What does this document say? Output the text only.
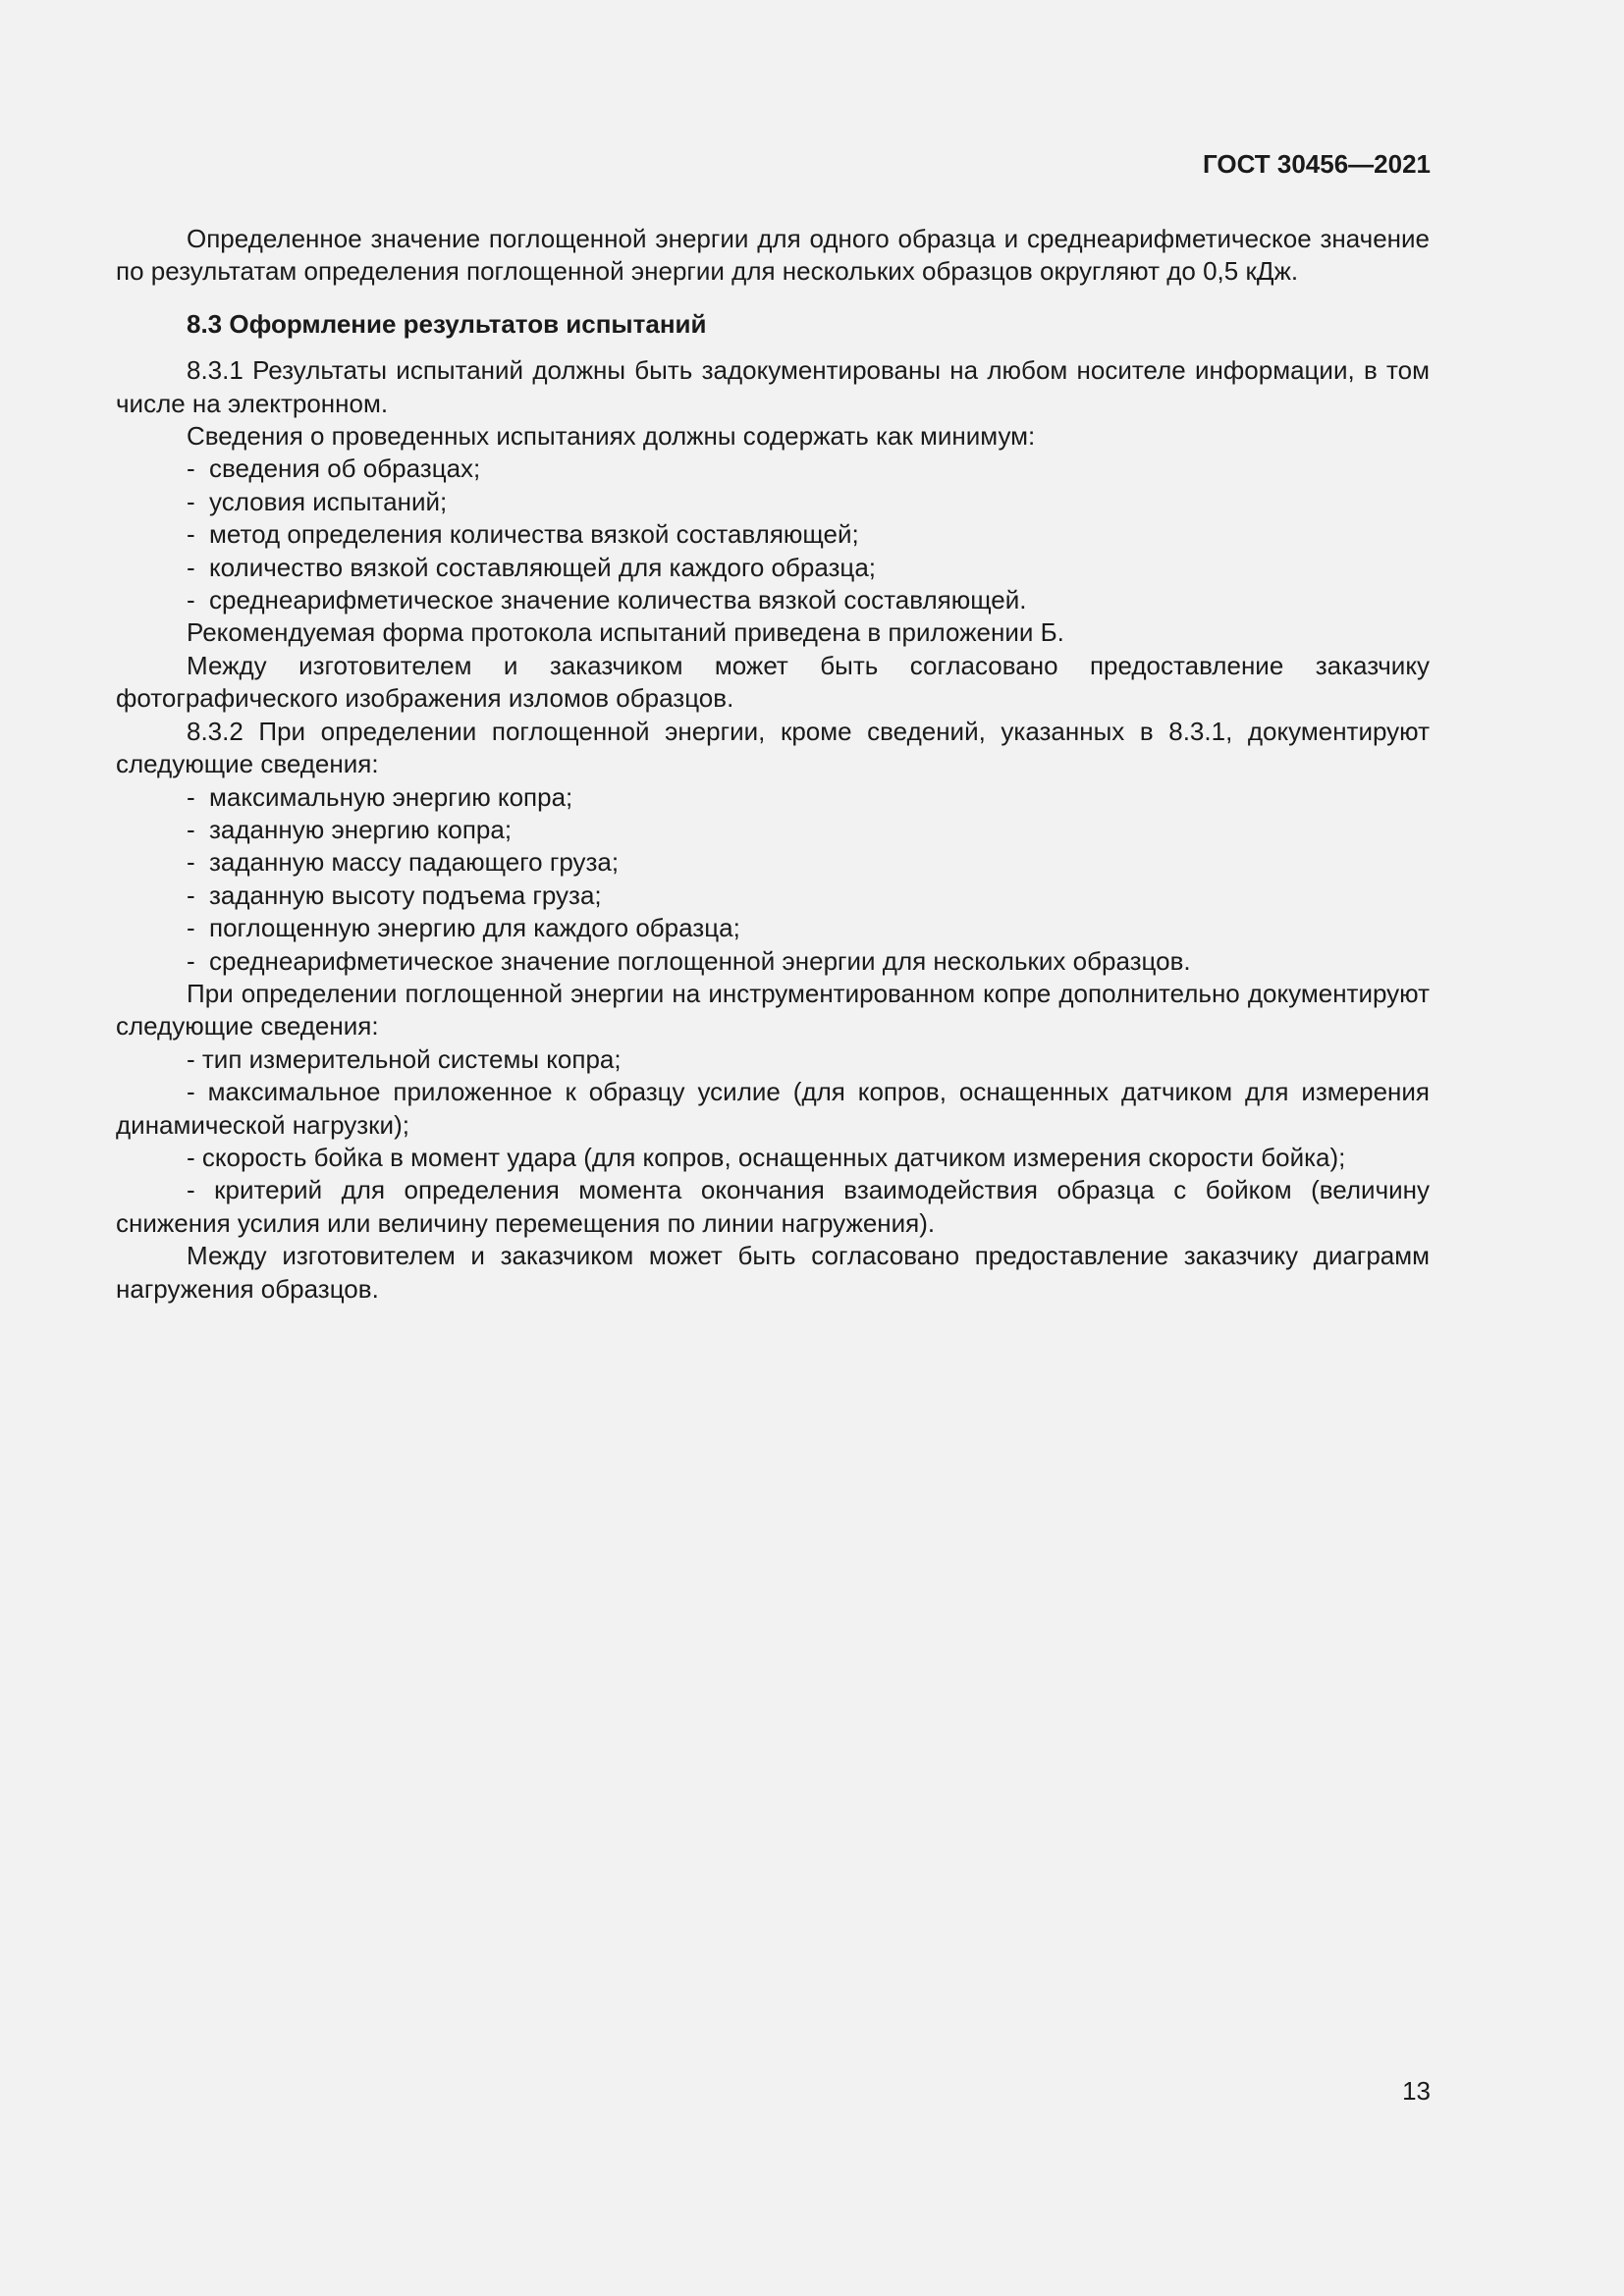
ГОСТ 30456—2021

Определенное значение поглощенной энергии для одного образца и среднеарифметическое значение по результатам определения поглощенной энергии для нескольких образцов округляют до 0,5 кДж.

8.3 Оформление результатов испытаний

8.3.1 Результаты испытаний должны быть задокументированы на любом носителе информации, в том числе на электронном.

Сведения о проведенных испытаниях должны содержать как минимум:

- сведения об образцах;

- условия испытаний;

- метод определения количества вязкой составляющей;

- количество вязкой составляющей для каждого образца;

- среднеарифметическое значение количества вязкой составляющей.

Рекомендуемая форма протокола испытаний приведена в приложении Б.

Между изготовителем и заказчиком может быть согласовано предоставление заказчику фотографического изображения изломов образцов.

8.3.2 При определении поглощенной энергии, кроме сведений, указанных в 8.3.1, документируют следующие сведения:

- максимальную энергию копра;

- заданную энергию копра;

- заданную массу падающего груза;

- заданную высоту подъема груза;

- поглощенную энергию для каждого образца;

- среднеарифметическое значение поглощенной энергии для нескольких образцов.

При определении поглощенной энергии на инструментированном копре дополнительно документируют следующие сведения:

- тип измерительной системы копра;

- максимальное приложенное к образцу усилие (для копров, оснащенных датчиком для измерения динамической нагрузки);

- скорость бойка в момент удара (для копров, оснащенных датчиком измерения скорости бойка);

- критерий для определения момента окончания взаимодействия образца с бойком (величину снижения усилия или величину перемещения по линии нагружения).

Между изготовителем и заказчиком может быть согласовано предоставление заказчику диаграмм нагружения образцов.

13
